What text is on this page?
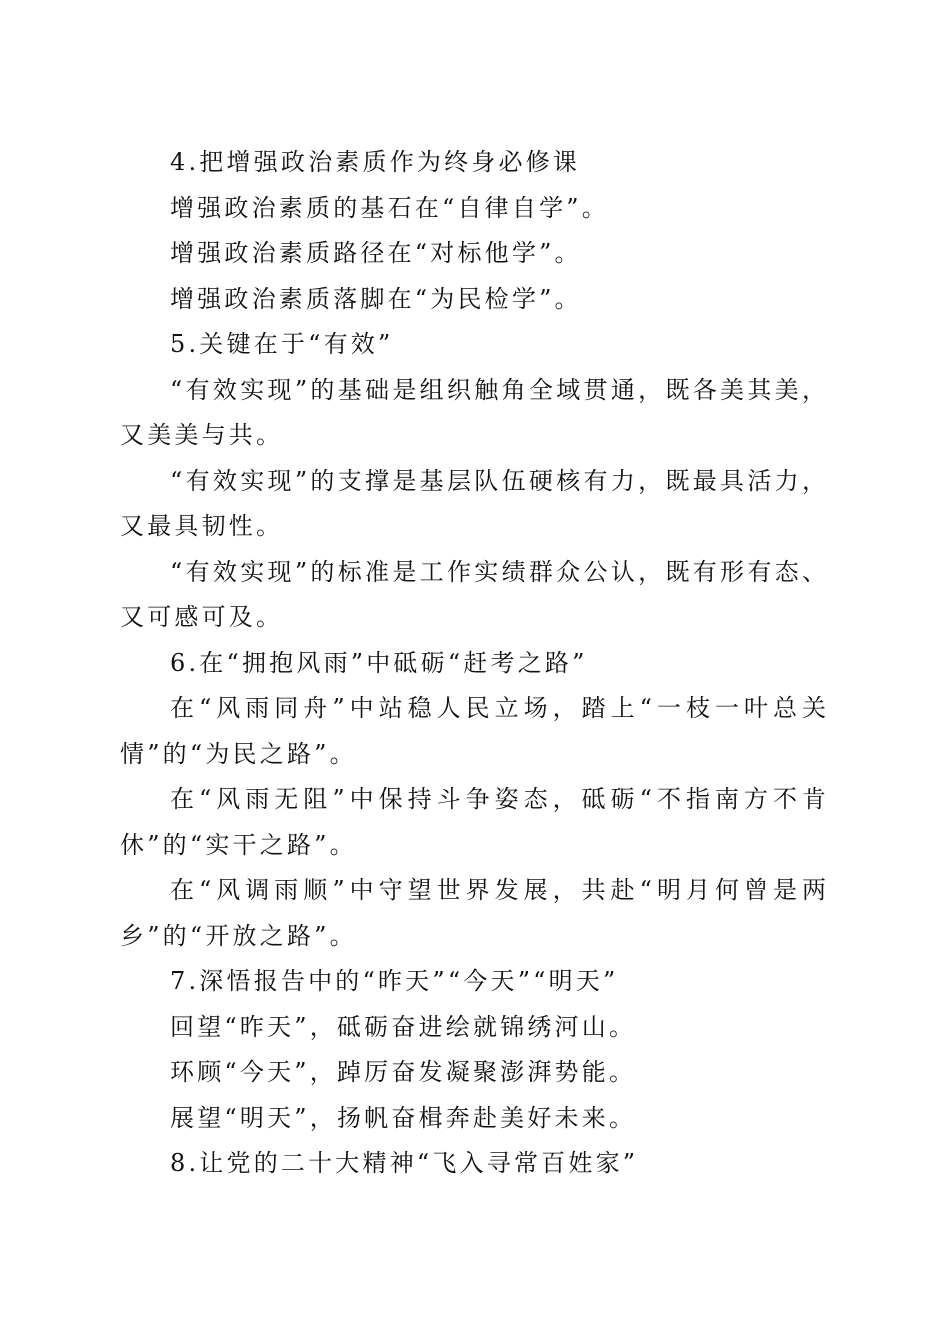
4.把增强政治素质作为终身必修课
增强政治素质的基石在“自律自学”。
增强政治素质路径在“对标他学”。
增强政治素质落脚在“为民检学”。
5.关键在于“有效”
“有效实现”的基础是组织触角全域贯通，既各美其美，
又美美与共。
“有效实现”的支撑是基层队伍硬核有力，既最具活力，
又最具韧性。
“有效实现”的标准是工作实绩群众公认，既有形有态、
又可感可及。
6.在“拥抱风雨”中砥砺“赶考之路”
在“风雨同舟”中站稳人民立场，踏上“一枝一叶总关
情”的“为民之路”。
在“风雨无阻”中保持斗争姿态，砥砺“不指南方不肯
休”的“实干之路”。
在“风调雨顺”中守望世界发展，共赴“明月何曾是两
乡”的“开放之路”。
7.深悟报告中的“昨天”“今天”“明天”
回望“昨天”，砥砺奋进绘就锦绣河山。
环顾“今天”，踔厉奋发凝聚澎湃势能。
展望“明天”，扬帆奋楫奔赴美好未来。
8.让党的二十大精神“飞入寻常百姓家”
